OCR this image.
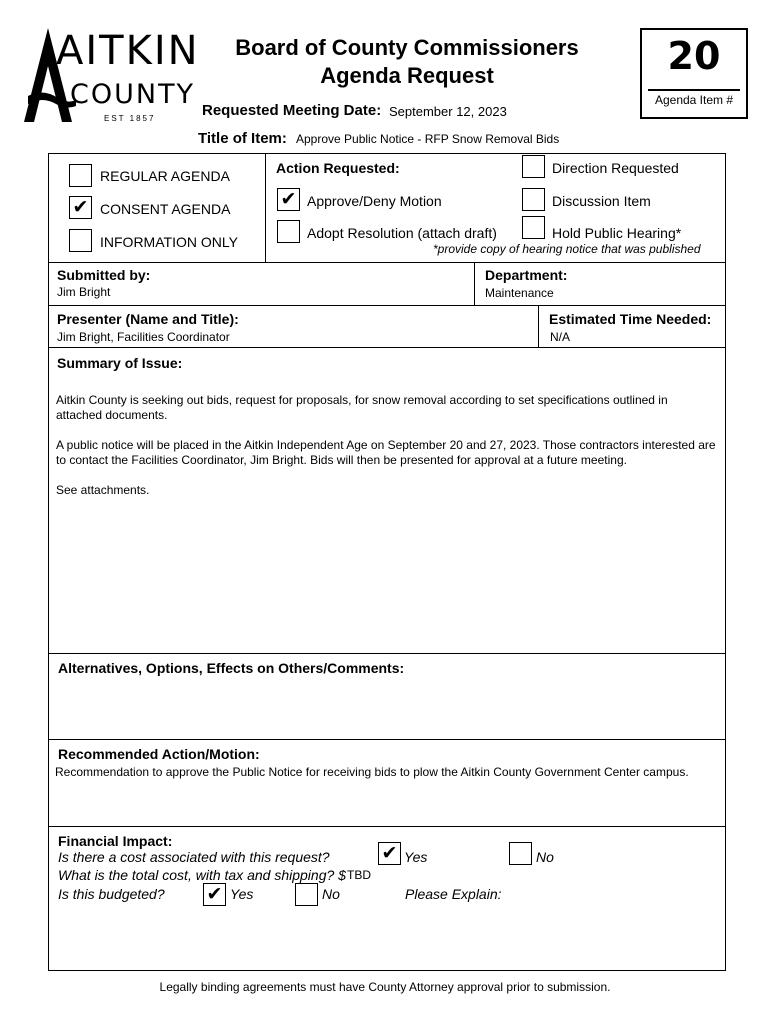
AITKIN
COUNTY
EST 1857
Board of County Commissioners
Agenda Request
Requested Meeting Date: September 12, 2023
Title of Item: Approve Public Notice - RFP Snow Removal Bids
20
Agenda Item #
REGULAR AGENDA
✔ CONSENT AGENDA
INFORMATION ONLY
Action Requested:
✔ Approve/Deny Motion
Adopt Resolution (attach draft)
Direction Requested
Discussion Item
Hold Public Hearing*
*provide copy of hearing notice that was published
Submitted by:
Jim Bright
Department:
Maintenance
Presenter (Name and Title):
Jim Bright, Facilities Coordinator
Estimated Time Needed:
N/A
Summary of Issue:
Aitkin County is seeking out bids, request for proposals, for snow removal according to set specifications outlined in attached documents.
A public notice will be placed in the Aitkin Independent Age on September 20 and 27, 2023. Those contractors interested are to contact the Facilities Coordinator, Jim Bright. Bids will then be presented for approval at a future meeting.
See attachments.
Alternatives, Options, Effects on Others/Comments:
Recommended Action/Motion:
Recommendation to approve the Public Notice for receiving bids to plow the Aitkin County Government Center campus.
Financial Impact:
Is there a cost associated with this request?	✔ Yes	No
What is the total cost, with tax and shipping? $ TBD
Is this budgeted? ✔ Yes	No	Please Explain:
Legally binding agreements must have County Attorney approval prior to submission.
